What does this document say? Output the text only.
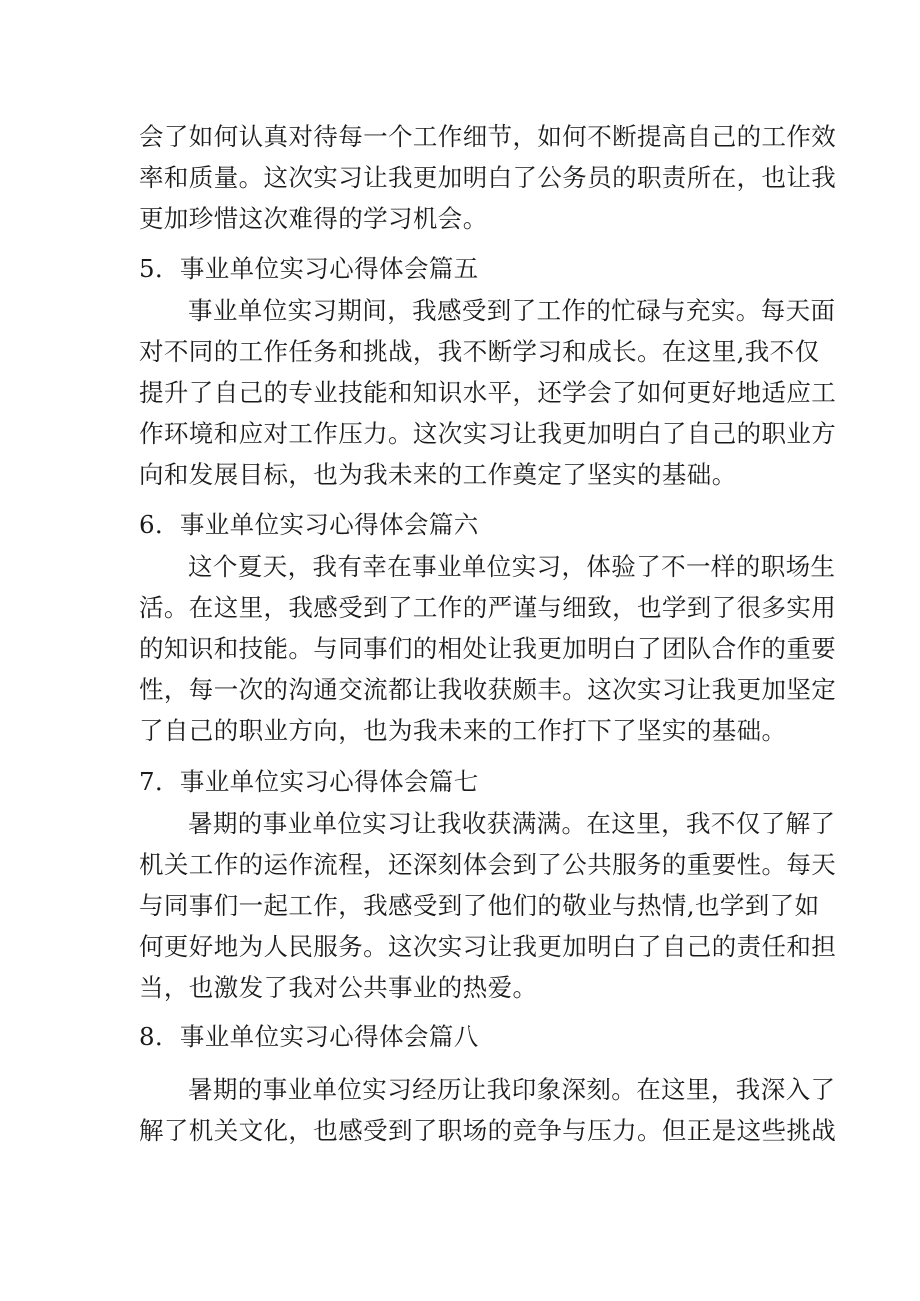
会了如何认真对待每一个工作细节，如何不断提高自己的工作效
率和质量。这次实习让我更加明白了公务员的职责所在，也让我
更加珍惜这次难得的学习机会。
5．事业单位实习心得体会篇五
事业单位实习期间，我感受到了工作的忙碌与充实。每天面
对不同的工作任务和挑战，我不断学习和成长。在这里,我不仅
提升了自己的专业技能和知识水平，还学会了如何更好地适应工
作环境和应对工作压力。这次实习让我更加明白了自己的职业方
向和发展目标，也为我未来的工作奠定了坚实的基础。
6．事业单位实习心得体会篇六
这个夏天，我有幸在事业单位实习，体验了不一样的职场生
活。在这里，我感受到了工作的严谨与细致，也学到了很多实用
的知识和技能。与同事们的相处让我更加明白了团队合作的重要
性，每一次的沟通交流都让我收获颇丰。这次实习让我更加坚定
了自己的职业方向，也为我未来的工作打下了坚实的基础。
7．事业单位实习心得体会篇七
暑期的事业单位实习让我收获满满。在这里，我不仅了解了
机关工作的运作流程，还深刻体会到了公共服务的重要性。每天
与同事们一起工作，我感受到了他们的敬业与热情,也学到了如
何更好地为人民服务。这次实习让我更加明白了自己的责任和担
当，也激发了我对公共事业的热爱。
8．事业单位实习心得体会篇八
暑期的事业单位实习经历让我印象深刻。在这里，我深入了
解了机关文化，也感受到了职场的竞争与压力。但正是这些挑战
